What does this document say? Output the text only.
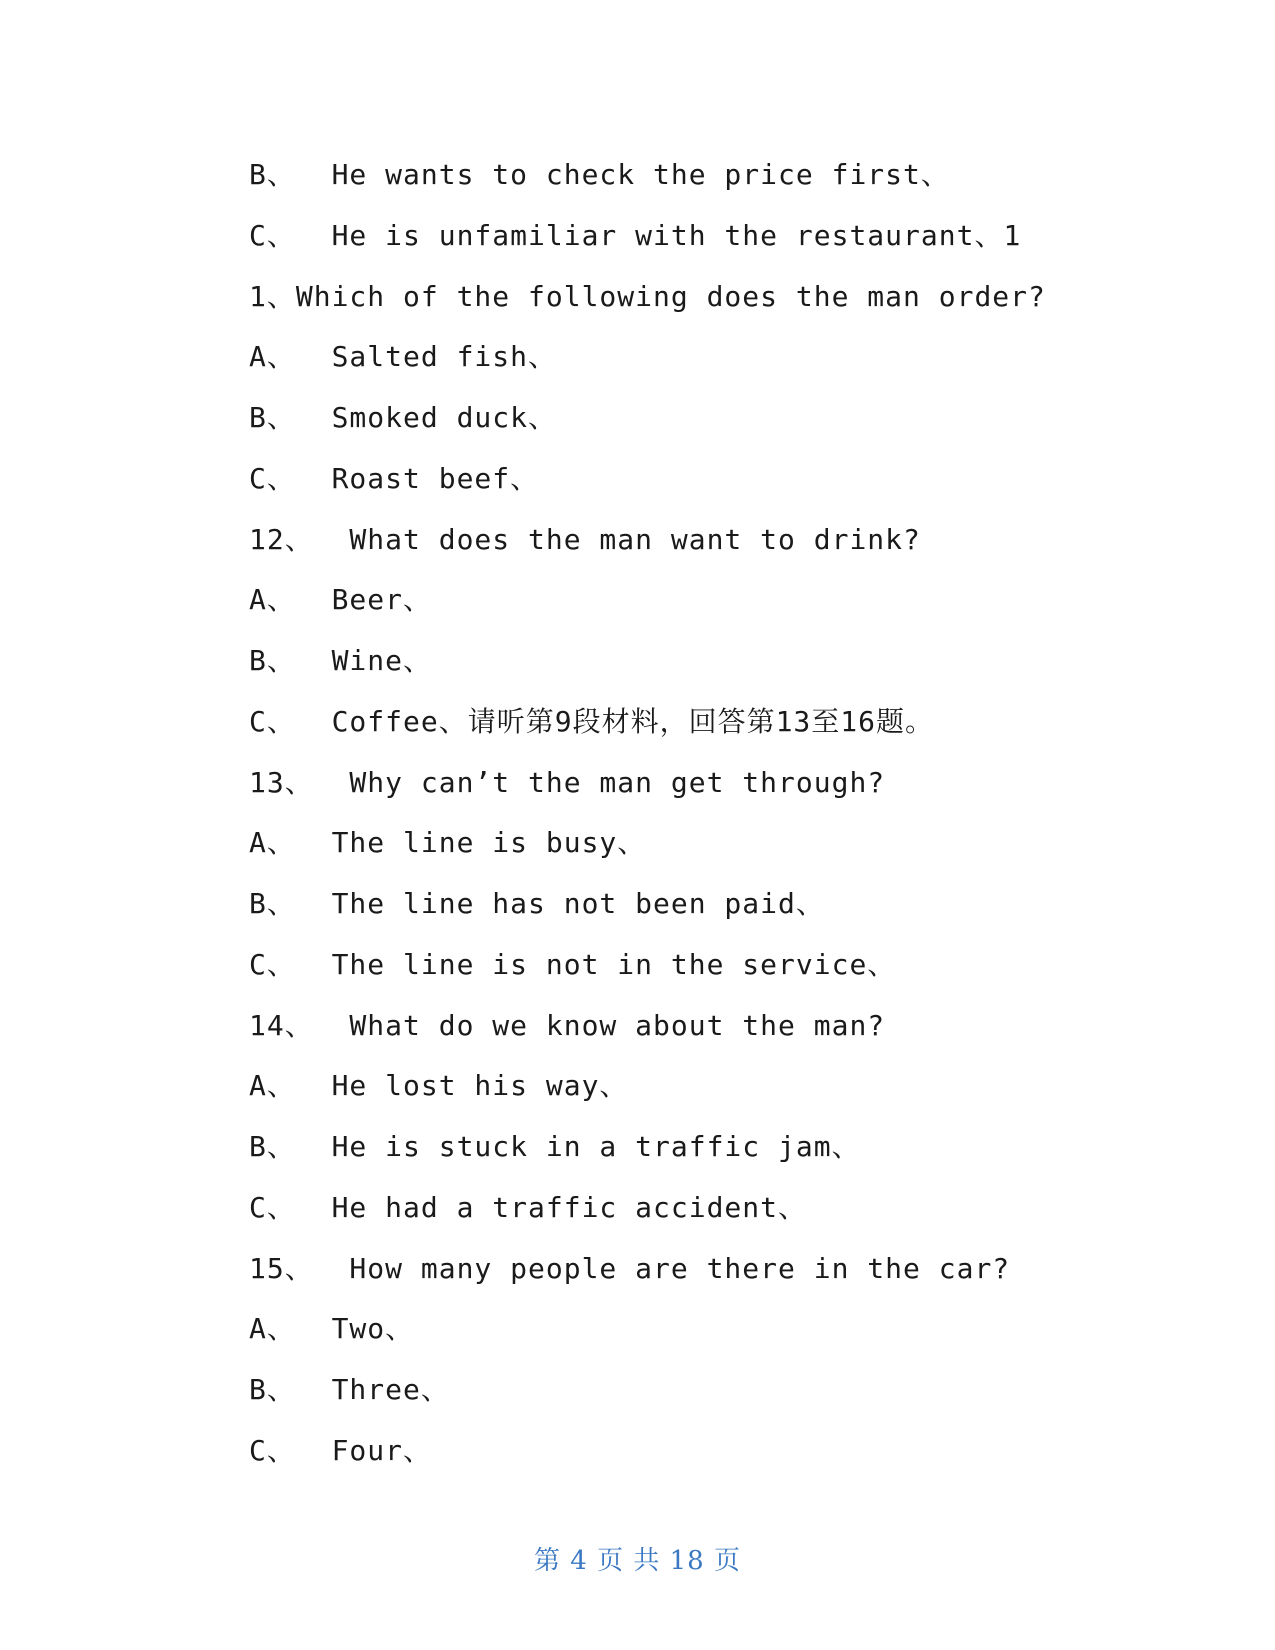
B、  He wants to check the price first、
C、  He is unfamiliar with the restaurant、1
1、Which of the following does the man order?
A、  Salted fish、
B、  Smoked duck、
C、  Roast beef、
12、  What does the man want to drink?
A、  Beer、
B、  Wine、
C、  Coffee、请听第9段材料，回答第13至16题。
13、  Why can’t the man get through?
A、  The line is busy、
B、  The line has not been paid、
C、  The line is not in the service、
14、  What do we know about the man?
A、  He lost his way、
B、  He is stuck in a traffic jam、
C、  He had a traffic accident、
15、  How many people are there in the car?
A、  Two、
B、  Three、
C、  Four、
第 4 页 共 18 页
